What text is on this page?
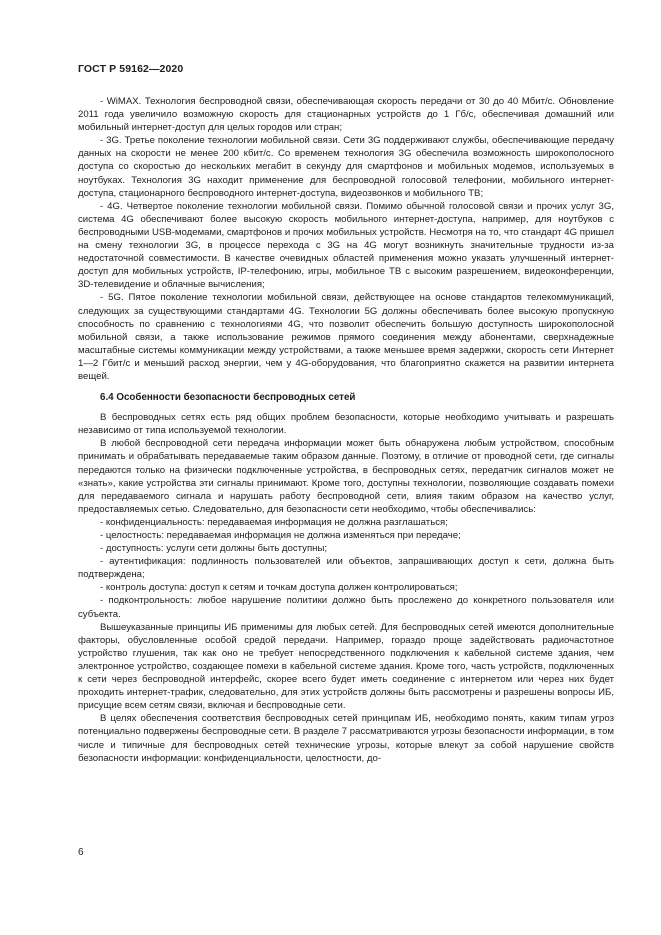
ГОСТ Р 59162—2020

- WiMAX. Технология беспроводной связи, обеспечивающая скорость передачи от 30 до 40 Мбит/с. Обновление 2011 года увеличило возможную скорость для стационарных устройств до 1 Гб/с, обеспечивая домашний или мобильный интернет-доступ для целых городов или стран;

- 3G. Третье поколение технологии мобильной связи. Сети 3G поддерживают службы, обеспечивающие передачу данных на скорости не менее 200 кбит/с. Со временем технология 3G обеспечила возможность широкополосного доступа со скоростью до нескольких мегабит в секунду для смартфонов и мобильных модемов, используемых в ноутбуках. Технология 3G находит применение для беспроводной голосовой телефонии, мобильного интернет-доступа, стационарного беспроводного интернет-доступа, видеозвонков и мобильного ТВ;

- 4G. Четвертое поколение технологии мобильной связи. Помимо обычной голосовой связи и прочих услуг 3G, система 4G обеспечивают более высокую скорость мобильного интернет-доступа, например, для ноутбуков с беспроводными USB-модемами, смартфонов и прочих мобильных устройств. Несмотря на то, что стандарт 4G пришел на смену технологии 3G, в процессе перехода с 3G на 4G могут возникнуть значительные трудности из-за недостаточной совместимости. В качестве очевидных областей применения можно указать улучшенный интернет-доступ для мобильных устройств, IP-телефонию, игры, мобильное ТВ с высоким разрешением, видеоконференции, 3D-телевидение и облачные вычисления;

- 5G. Пятое поколение технологии мобильной связи, действующее на основе стандартов телекоммуникаций, следующих за существующими стандартами 4G. Технологии 5G должны обеспечивать более высокую пропускную способность по сравнению с технологиями 4G, что позволит обеспечить большую доступность широкополосной мобильной связи, а также использование режимов прямого соединения между абонентами, сверхнадежные масштабные системы коммуникации между устройствами, а также меньшее время задержки, скорость сети Интернет 1—2 Гбит/с и меньший расход энергии, чем у 4G-оборудования, что благоприятно скажется на развитии интернета вещей.

6.4 Особенности безопасности беспроводных сетей

В беспроводных сетях есть ряд общих проблем безопасности, которые необходимо учитывать и разрешать независимо от типа используемой технологии.

В любой беспроводной сети передача информации может быть обнаружена любым устройством, способным принимать и обрабатывать передаваемые таким образом данные. Поэтому, в отличие от проводной сети, где сигналы передаются только на физически подключенные устройства, в беспроводных сетях, передатчик сигналов может не «знать», какие устройства эти сигналы принимают. Кроме того, доступны технологии, позволяющие создавать помехи для передаваемого сигнала и нарушать работу беспроводной сети, влияя таким образом на качество услуг, предоставляемых сетью. Следовательно, для безопасности сети необходимо, чтобы обеспечивались:

- конфиденциальность: передаваемая информация не должна разглашаться;

- целостность: передаваемая информация не должна изменяться при передаче;

- доступность: услуги сети должны быть доступны;

- аутентификация: подлинность пользователей или объектов, запрашивающих доступ к сети, должна быть подтверждена;

- контроль доступа: доступ к сетям и точкам доступа должен контролироваться;

- подконтрольность: любое нарушение политики должно быть прослежено до конкретного пользователя или субъекта.

Вышеуказанные принципы ИБ применимы для любых сетей. Для беспроводных сетей имеются дополнительные факторы, обусловленные особой средой передачи. Например, гораздо проще задействовать радиочастотное устройство глушения, так как оно не требует непосредственного подключения к кабельной системе здания, чем электронное устройство, создающее помехи в кабельной системе здания. Кроме того, часть устройств, подключенных к сети через беспроводной интерфейс, скорее всего будет иметь соединение с интернетом или через них будет проходить интернет-трафик, следовательно, для этих устройств должны быть рассмотрены и разрешены вопросы ИБ, присущие всем сетям связи, включая и беспроводные сети.

В целях обеспечения соответствия беспроводных сетей принципам ИБ, необходимо понять, каким типам угроз потенциально подвержены беспроводные сети. В разделе 7 рассматриваются угрозы безопасности информации, в том числе и типичные для беспроводных сетей технические угрозы, которые влекут за собой нарушение свойств безопасности информации: конфиденциальности, целостности, до-

6
